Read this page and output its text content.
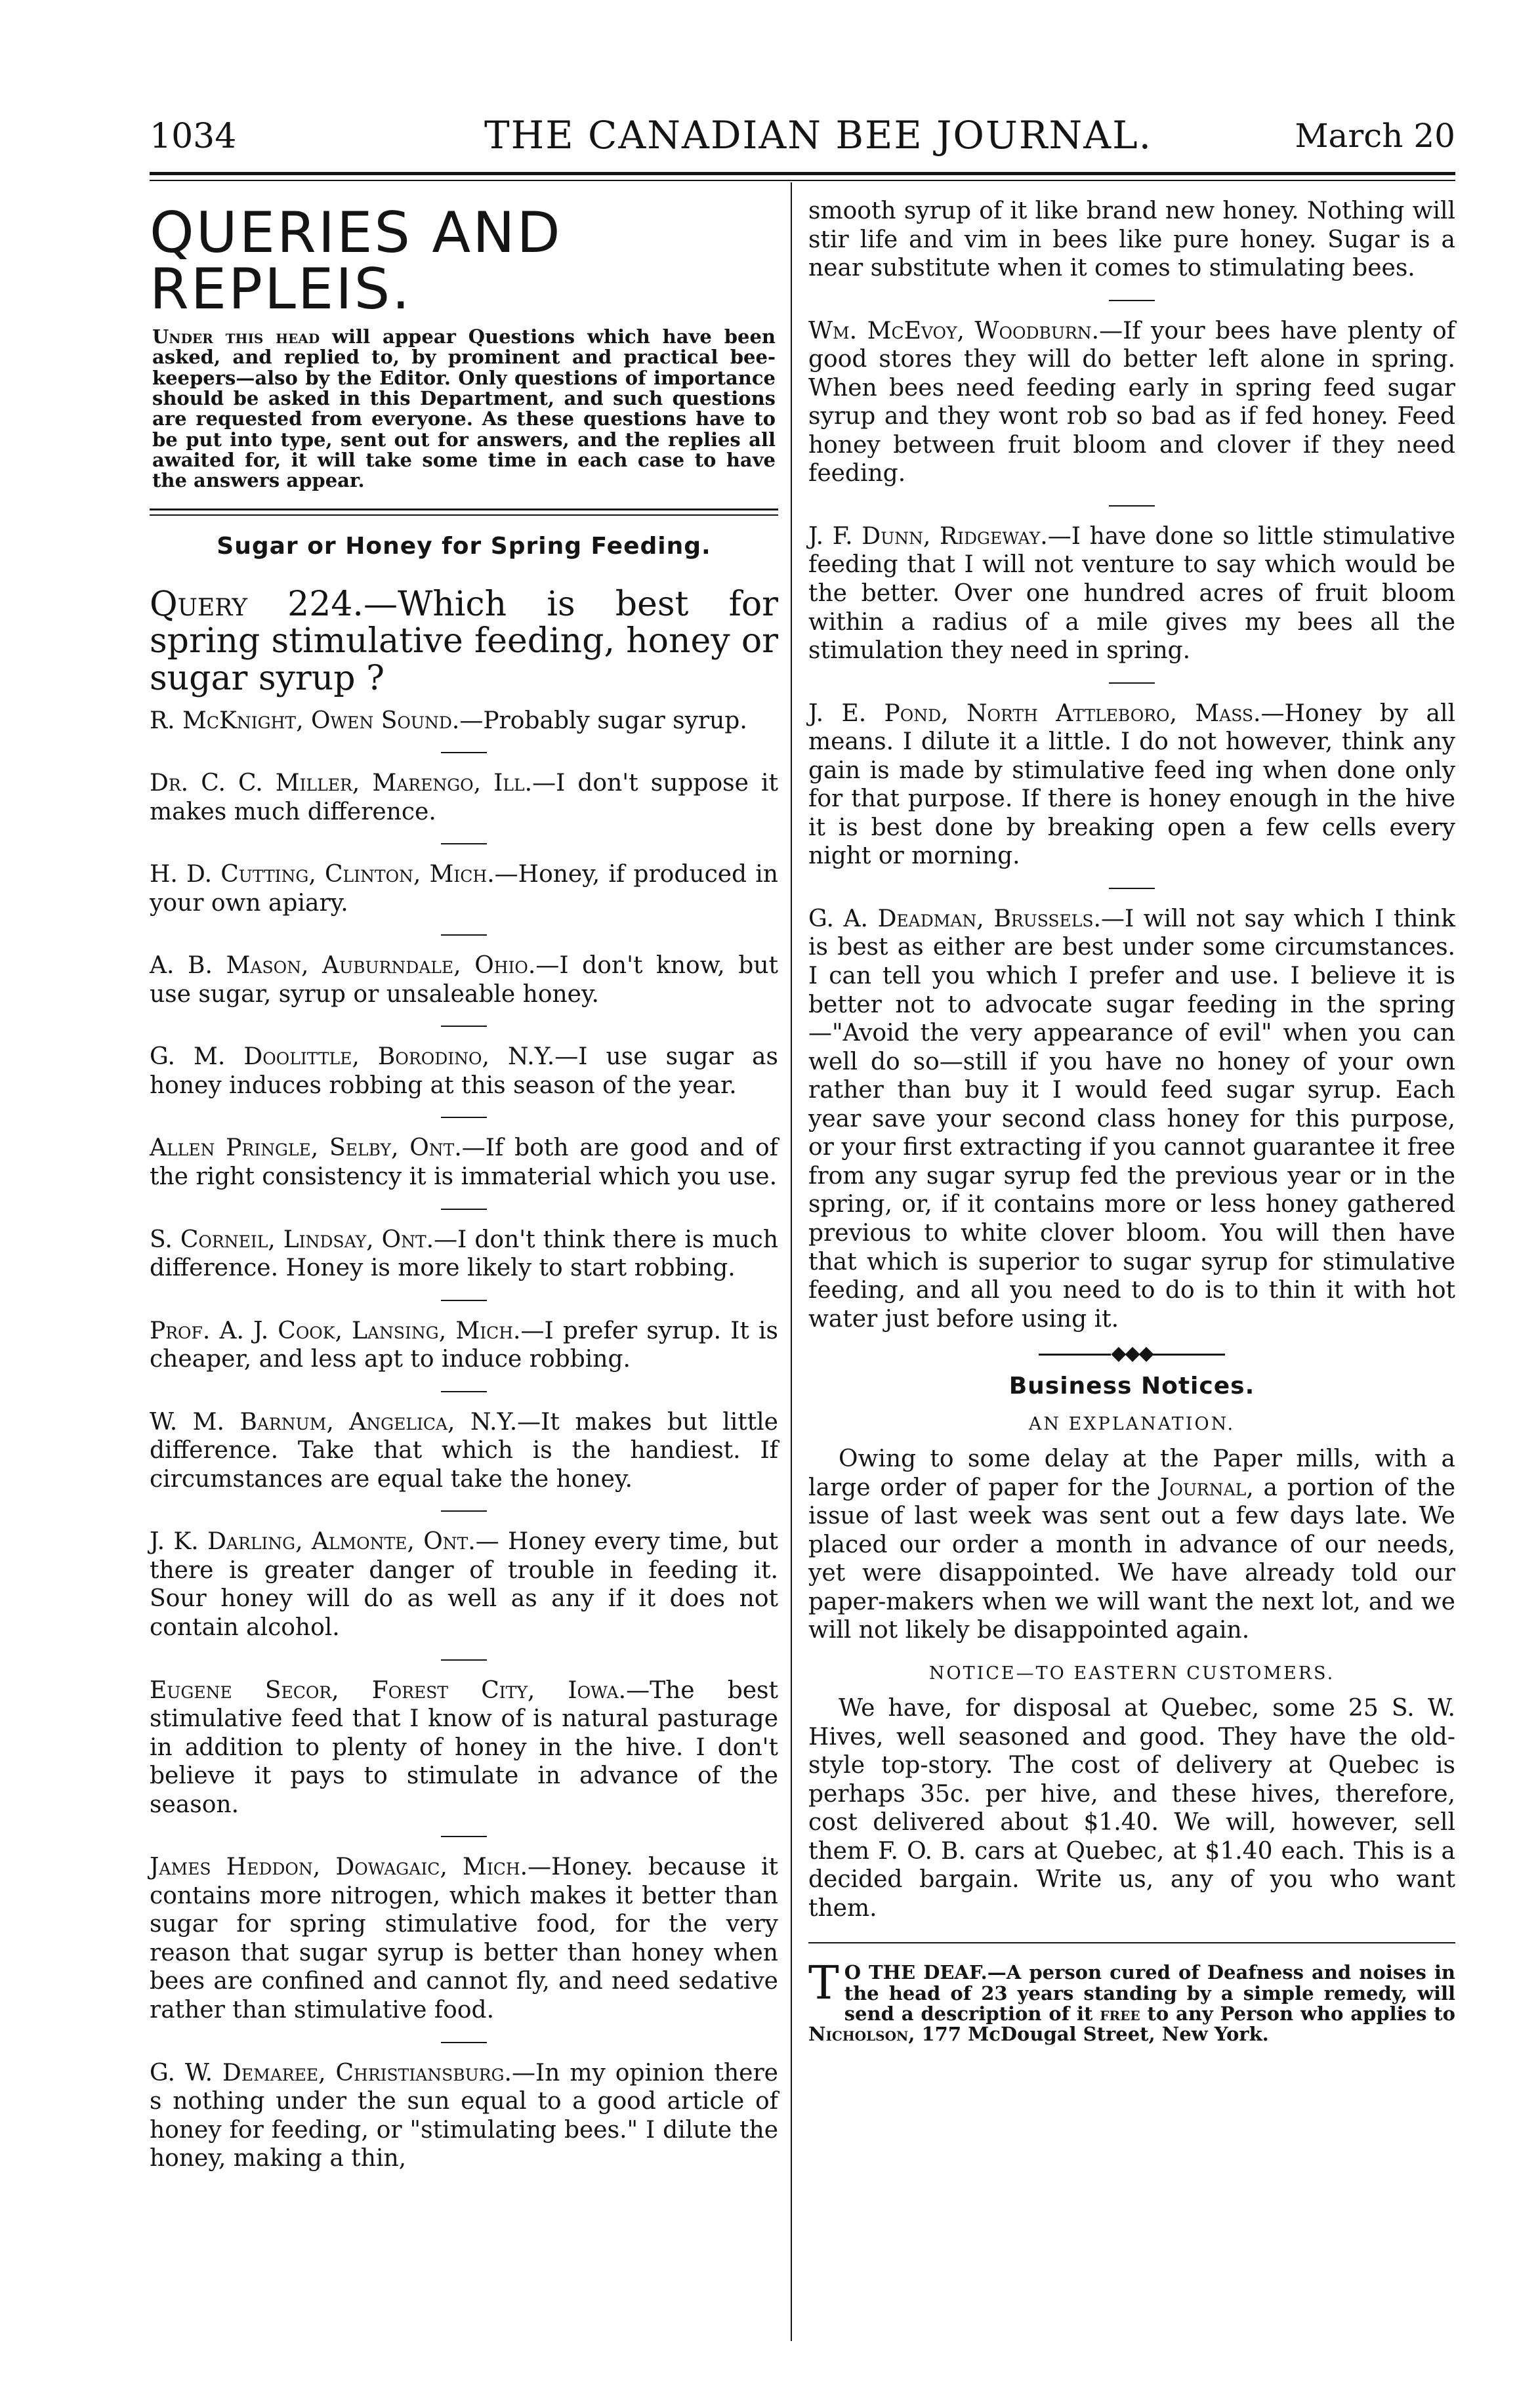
1034	THE CANADIAN BEE JOURNAL.	March 20
QUERIES AND REPLEIS.

Under this head will appear Questions which have been asked, and replied to, by prominent and practical bee-keepers—also by the Editor. Only questions of importance should be asked in this Department, and such questions are requested from everyone. As these questions have to be put into type, sent out for answers, and the replies all awaited for, it will take some time in each case to have the answers appear.

Sugar or Honey for Spring Feeding.

Query 224.—Which is best for spring stimulative feeding, honey or sugar syrup ?

R. McKnight, Owen Sound.—Probably sugar syrup.

Dr. C. C. Miller, Marengo, Ill.—I don't suppose it makes much difference.

H. D. Cutting, Clinton, Mich.—Honey, if produced in your own apiary.

A. B. Mason, Auburndale, Ohio.—I don't know, but use sugar, syrup or unsaleable honey.

G. M. Doolittle, Borodino, N.Y.—I use sugar as honey induces robbing at this season of the year.

Allen Pringle, Selby, Ont.—If both are good and of the right consistency it is immaterial which you use.

S. Corneil, Lindsay, Ont.—I don't think there is much difference. Honey is more likely to start robbing.

Prof. A. J. Cook, Lansing, Mich.—I prefer syrup. It is cheaper, and less apt to induce robbing.

W. M. Barnum, Angelica, N.Y.—It makes but little difference. Take that which is the handiest. If circumstances are equal take the honey.

J. K. Darling, Almonte, Ont.— Honey every time, but there is greater danger of trouble in feeding it. Sour honey will do as well as any if it does not contain alcohol.

Eugene Secor, Forest City, Iowa.—The best stimulative feed that I know of is natural pasturage in addition to plenty of honey in the hive. I don't believe it pays to stimulate in advance of the season.

James Heddon, Dowagaic, Mich.—Honey. because it contains more nitrogen, which makes it better than sugar for spring stimulative food, for the very reason that sugar syrup is better than honey when bees are confined and cannot fly, and need sedative rather than stimulative food.

G. W. Demaree, Christiansburg.—In my opinion there s nothing under the sun equal to a good article of honey for feeding, or "stimulating bees." I dilute the honey, making a thin,

smooth syrup of it like brand new honey. Nothing will stir life and vim in bees like pure honey. Sugar is a near substitute when it comes to stimulating bees.

Wm. McEvoy, Woodburn.—If your bees have plenty of good stores they will do better left alone in spring. When bees need feeding early in spring feed sugar syrup and they wont rob so bad as if fed honey. Feed honey between fruit bloom and clover if they need feeding.

J. F. Dunn, Ridgeway.—I have done so little stimulative feeding that I will not venture to say which would be the better. Over one hundred acres of fruit bloom within a radius of a mile gives my bees all the stimulation they need in spring.

J. E. Pond, North Attleboro, Mass.—Honey by all means. I dilute it a little. I do not however, think any gain is made by stimulative feed ing when done only for that purpose. If there is honey enough in the hive it is best done by breaking open a few cells every night or morning.

G. A. Deadman, Brussels.—I will not say which I think is best as either are best under some circumstances. I can tell you which I prefer and use. I believe it is better not to advocate sugar feeding in the spring—"Avoid the very appearance of evil" when you can well do so—still if you have no honey of your own rather than buy it I would feed sugar syrup. Each year save your second class honey for this purpose, or your first extracting if you cannot guarantee it free from any sugar syrup fed the previous year or in the spring, or, if it contains more or less honey gathered previous to white clover bloom. You will then have that which is superior to sugar syrup for stimulative feeding, and all you need to do is to thin it with hot water just before using it.

◆◆◆
Business Notices.
AN EXPLANATION.

Owing to some delay at the Paper mills, with a large order of paper for the Journal, a portion of the issue of last week was sent out a few days late. We placed our order a month in advance of our needs, yet were disappointed. We have already told our paper-makers when we will want the next lot, and we will not likely be disappointed again.

NOTICE—TO EASTERN CUSTOMERS.

We have, for disposal at Quebec, some 25 S. W. Hives, well seasoned and good. They have the old-style top-story. The cost of delivery at Quebec is perhaps 35c. per hive, and these hives, therefore, cost delivered about $1.40. We will, however, sell them F. O. B. cars at Quebec, at $1.40 each. This is a decided bargain. Write us, any of you who want them.

T O THE DEAF.—A person cured of Deafness and noises in the head of 23 years standing by a simple remedy, will send a description of it free to any Person who applies to Nicholson, 177 McDougal Street, New York.
